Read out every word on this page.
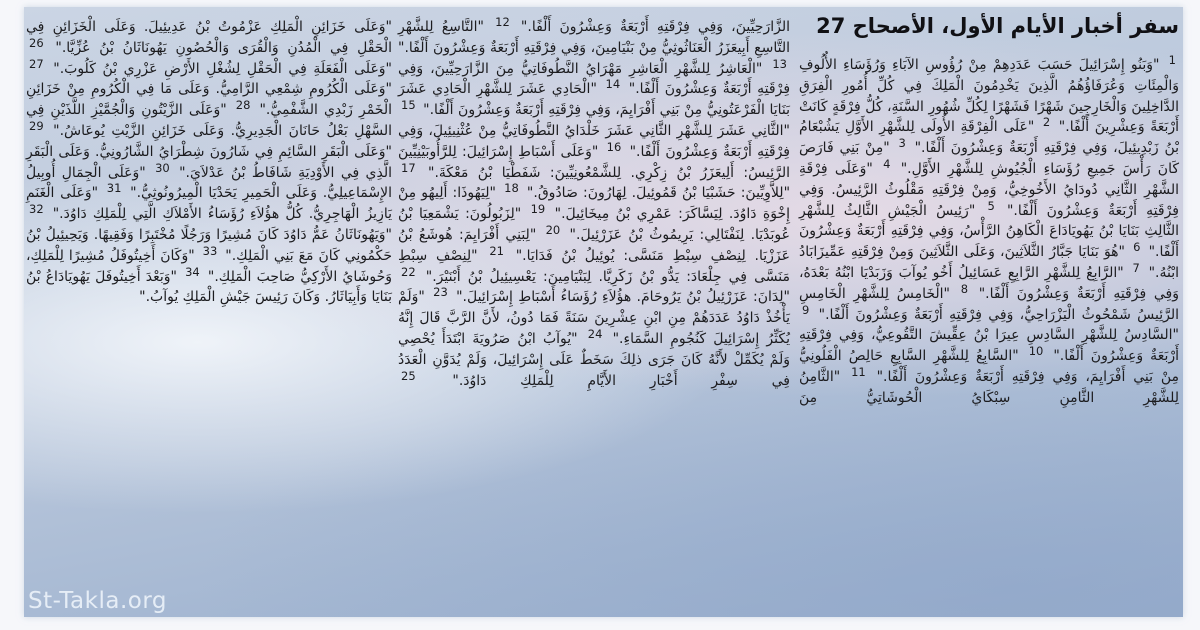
سفر أخبار الأيام الأول، الأصحاح 27
$^1$ "وَبَنُو إِسْرَائِيلَ حَسَبَ عَدَدِهِمْ مِنْ رُؤُوسِ الآبَاءِ وَرُؤَسَاءِ الأُلُوفِ وَالْمِئَاتِ وَعُرَفَاؤُهُمُ الَّذِينَ يَخْدِمُونَ الْمَلِكَ فِي كُلِّ أُمُورِ الْفِرَقِ الدَّاخِلِينَ وَالْخَارِجِينَ شَهْرًا فَشَهْرًا لِكُلِّ شُهُورِ السَّنَةِ، كُلُّ فِرْقَةٍ كَانَتْ أَرْبَعَةً وَعِشْرِينَ أَلْفًا." $^2$ "عَلَى الْفِرْقَةِ الأُولَى لِلشَّهْرِ الأَوَّلِ يَشُبْعَامُ بْنُ زَبْدِيئِيلَ، وَفِي فِرْقَتِهِ أَرْبَعَةٌ وَعِشْرُونَ أَلْفًا." $^3$ "مِنْ بَنِي فَارَصَ كَانَ رَأْسَ جَمِيعِ رُؤَسَاءِ الْجُيُوشِ لِلشَّهْرِ الأَوَّلِ." $^4$ "وَعَلَى فِرْقَةِ الشَّهْرِ الثَّانِي دُودَايُ الأَخُوخِيُّ، وَمِنْ فِرْقَتِهِ مَقْلُوثُ الرَّئِيسُ. وَفِي فِرْقَتِهِ أَرْبَعَةٌ وَعِشْرُونَ أَلْفًا." $^5$ "رَئِيسُ الْجَيْشِ الثَّالِثُ لِلشَّهْرِ الثَّالِثِ بَنَايَا بْنُ يَهُويَادَاعَ الْكَاهِنُ الرَّأْسُ، وَفِي فِرْقَتِهِ أَرْبَعَةٌ وَعِشْرُونَ أَلْفًا." $^6$ "هُوَ بَنَايَا جَبَّارُ الثَّلاَثِينَ، وَعَلَى الثَّلاَثِينَ وَمِنْ فِرْقَتِهِ عَمِّيزَابَادُ ابْنُهُ." $^7$ "الرَّابِعُ لِلشَّهْرِ الرَّابِعِ عَسَائِيلُ أَخُو يُوآبَ وَزَبَدْيَا ابْنُهُ بَعْدَهُ، وَفِي فِرْقَتِهِ أَرْبَعَةٌ وَعِشْرُونَ أَلْفًا." $^8$ "الْخَامِسُ لِلشَّهْرِ الْخَامِسِ الرَّئِيسُ شَمْحُوثُ الْيَزْرَاحِيُّ، وَفِي فِرْقَتِهِ أَرْبَعَةٌ وَعِشْرُونَ أَلْفًا." $^9$ "السَّادِسُ لِلشَّهْرِ السَّادِسِ عِيرَا بْنُ عِقِّيشَ التَّقُوعِيُّ، وَفِي فِرْقَتِهِ أَرْبَعَةٌ وَعِشْرُونَ أَلْفًا." $^{10}$ "السَّابِعُ لِلشَّهْرِ السَّابِعِ حَالِصُ الْفَلُونِيُّ مِنْ بَنِي أَفْرَايِمَ، وَفِي فِرْقَتِهِ أَرْبَعَةٌ وَعِشْرُونَ أَلْفًا." $^{11}$ "الثَّامِنُ لِلشَّهْرِ الثَّامِنِ سِبْكَايُ الْحُوشَاتِيُّ مِنَ
الزَّارَحِيِّينَ، وَفِي فِرْقَتِهِ أَرْبَعَةٌ وَعِشْرُونَ أَلْفًا." $^{12}$ "التَّاسِعُ لِلشَّهْرِ التَّاسِعِ أَبِيعَزَرُ الْعَنَاثُوثِيُّ مِنْ بَنْيَامِينَ، وَفِي فِرْقَتِهِ أَرْبَعَةٌ وَعِشْرُونَ أَلْفًا." $^{13}$ "الْعَاشِرُ لِلشَّهْرِ الْعَاشِرِ مَهْرَايُ النَّطُوفَاتِيُّ مِنَ الزَّارَحِيِّينَ، وَفِي فِرْقَتِهِ أَرْبَعَةٌ وَعِشْرُونَ أَلْفًا." $^{14}$ "الْحَادِي عَشَرَ لِلشَّهْرِ الْحَادِي عَشَرَ بَنَايَا الْفَرْعَتُونِيُّ مِنْ بَنِي أَفْرَايِمَ، وَفِي فِرْقَتِهِ أَرْبَعَةٌ وَعِشْرُونَ أَلْفًا." $^{15}$ "الثَّانِي عَشَرَ لِلشَّهْرِ الثَّانِي عَشَرَ خَلْدَايُ النَّطُوفَاتِيُّ مِنْ عُثْنِيئِيلَ، وَفِي فِرْقَتِهِ أَرْبَعَةٌ وَعِشْرُونَ أَلْفًا." $^{16}$ "وَعَلَى أَسْبَاطِ إِسْرَائِيلَ: لِلرَّأُوبَيْنِيِّينَ الرَّئِيسُ: أَلِيعَزَرُ بْنُ زِكْرِي. لِلشَّمْعُونِيِّينَ: شَفَطْيَا بْنُ مَعْكَةَ." $^{17}$ "لِلاَّوِيِّينَ: حَشَبْيَا بْنُ قَمُوئِيلَ. لِهَارُونَ: صَادُوقُ." $^{18}$ "لِيَهُوذَا: أَلِيهُو مِنْ إِخْوَةِ دَاوُدَ. لِيَسَّاكَرَ: عَمْرِي بْنُ مِيخَائِيلَ." $^{19}$ "لِزَبُولُونَ: يَشْمَعِيَا بْنُ عُوبَدْيَا. لِنَفْتَالِي: يَرِيمُوثُ بْنُ عَزَرْئِيلَ." $^{20}$ "لِبَنِي أَفْرَايِمَ: هُوشَعُ بْنُ عَزَزْيَا. لِنِصْفِ سِبْطِ مَنَسَّى: يُوئِيلُ بْنُ فَدَايَا." $^{21}$ "لِنِصْفِ سِبْطِ مَنَسَّى فِي جِلْعَادَ: يَدُّو بْنُ زَكَرِيَّا. لِبَنْيَامِينَ: يَعْسِيئِيلُ بْنُ أَبْنَيْرَ." $^{22}$ "لِدَانَ: عَزَرْئِيلُ بْنُ يَرُوحَامَ. هؤُلاَءِ رُؤَسَاءُ أَسْبَاطِ إِسْرَائِيلَ." $^{23}$ "وَلَمْ يَأْخُذْ دَاوُدُ عَدَدَهُمْ مِنِ ابْنِ عِشْرِينَ سَنَةً فَمَا دُونُ، لأَنَّ الرَّبَّ قَالَ إِنَّهُ يُكَثِّرُ إِسْرَائِيلَ كَنُجُومِ السَّمَاءِ." $^{24}$ "يُوآبُ ابْنُ صَرُويَةَ ابْتَدَأَ يُحْصِي وَلَمْ يُكَمِّلْ لأَنَّهُ كَانَ جَرَى ذلِكَ سَخَطٌ عَلَى إِسْرَائِيلَ، وَلَمْ يُدَوَّنِ الْعَدَدُ فِي سِفْرِ أَخْبَارِ الأَيَّامِ لِلْمَلِكِ دَاوُدَ." $^{25}$
"وَعَلَى خَزَائِنِ الْمَلِكِ عَزْمُوتُ بْنُ عَدِيئِيلَ. وَعَلَى الْخَزَائِنِ فِي الْحَقْلِ فِي الْمُدُنِ وَالْقُرَى وَالْحُصُونِ يَهُونَاثَانُ بْنُ عُزِّيَّا." $^{26}$ "وَعَلَى الْفَعَلَةِ فِي الْحَقْلِ لِشُغْلِ الأَرْضِ عَزْرِي بْنُ كَلُوبَ." $^{27}$ "وَعَلَى الْكُرُومِ شِمْعِي الرَّامِيُّ. وَعَلَى مَا فِي الْكُرُومِ مِنْ خَزَائِنِ الْخَمْرِ زَبْدِي الشَّفْمِيُّ." $^{28}$ "وَعَلَى الزَّيْتُونِ وَالْجُمَّيْزِ اللَّذَيْنِ فِي السَّهْلِ بَعْلُ حَانَانَ الْجَدِيرِيُّ. وَعَلَى خَزَائِنِ الزَّيْتِ يُوعَاشُ." $^{29}$ "وَعَلَى الْبَقَرِ السَّائِمِ فِي شَارُونَ شِطْرَايُ الشَّارُونِيُّ. وَعَلَى الْبَقَرِ الَّذِي فِي الأَوْدِيَةِ شَافَاطُ بْنُ عَدْلاَيَ." $^{30}$ "وَعَلَى الْجِمَالِ أُوبِيلُ الإِسْمَاعِيلِيُّ. وَعَلَى الْحَمِيرِ يَحَدْيَا الْمِيرُونُوثِيُّ." $^{31}$ "وَعَلَى الْغَنَمِ يَازِيزُ الْهَاجِرِيُّ. كُلُّ هؤُلاَءِ رُؤَسَاءُ الأَمْلاَكِ الَّتِي لِلْمَلِكِ دَاوُدَ." $^{32}$ "وَيَهُونَاثَانُ عَمُّ دَاوُدَ كَانَ مُشِيرًا وَرَجُلًا مُخْتَبِرًا وَفَقِيهًا. وَيَحِيئِيلُ بْنُ حَكْمُونِي كَانَ مَعَ بَنِي الْمَلِكِ." $^{33}$ "وَكَانَ أَخِيتُوفَلُ مُشِيرًا لِلْمَلِكِ، وَحُوشَايُ الأَرْكِيُّ صَاحِبَ الْمَلِكِ." $^{34}$ "وَبَعْدَ أَخِيتُوفَلَ يَهُويَادَاعُ بْنُ بَنَايَا وَأَبِيَاثَارُ. وَكَانَ رَئِيسَ جَيْشِ الْمَلِكِ يُوآبُ."
St-Takla.org
